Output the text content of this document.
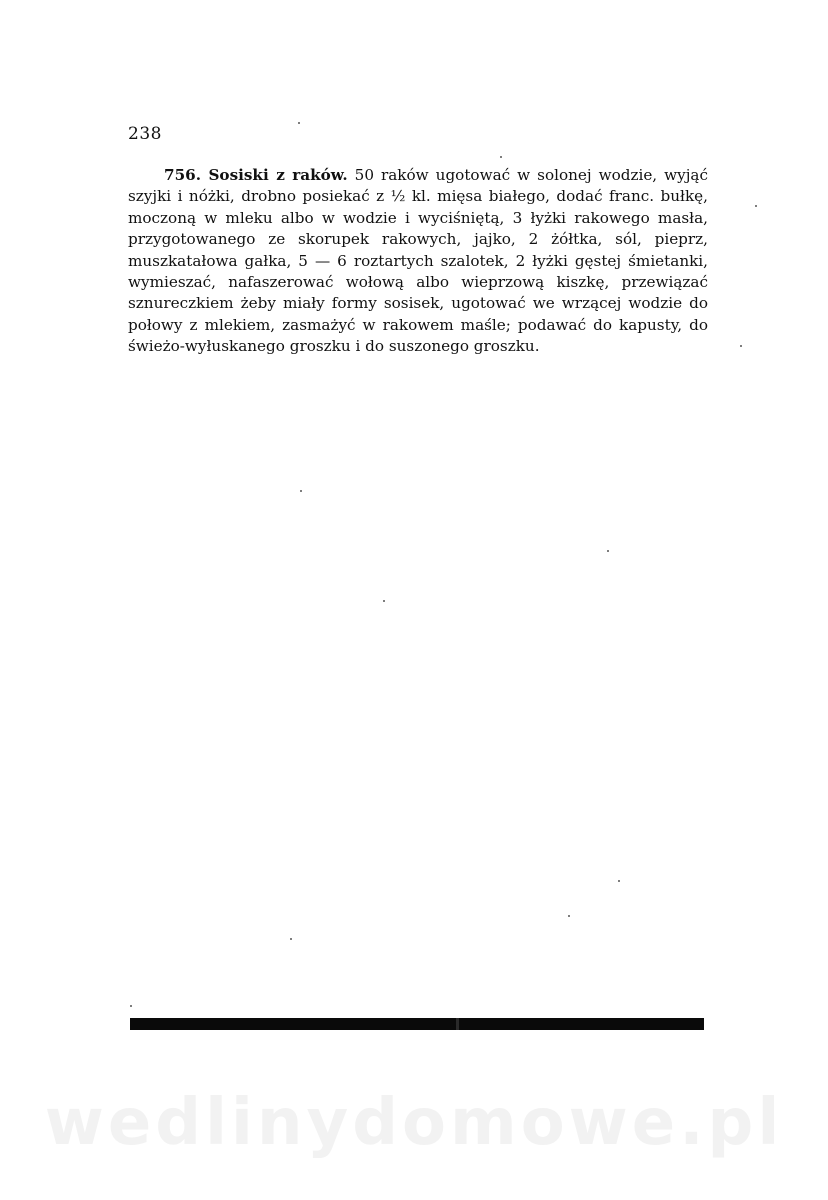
238

756. Sosiski z raków. 50 raków ugotować w solonej wodzie, wyjąć szyjki i nóżki, drobno posiekać z ½ kl. mięsa białego, dodać franc. bułkę, moczoną w mleku albo w wodzie i wyciśniętą, 3 łyżki rakowego masła, przygotowanego ze skorupek rakowych, jajko, 2 żółtka, sól, pieprz, muszkatałowa gałka, 5 — 6 roztartych szalotek, 2 łyżki gęstej śmietanki, wymieszać, nafaszerować wołową albo wieprzową kiszkę, przewiązać sznureczkiem żeby miały formy sosisek, ugotować we wrzącej wodzie do połowy z mlekiem, zasmażyć w rakowem maśle; podawać do kapusty, do świeżo-wyłuskanego groszku i do suszonego groszku.

wedlinydomowe.pl
